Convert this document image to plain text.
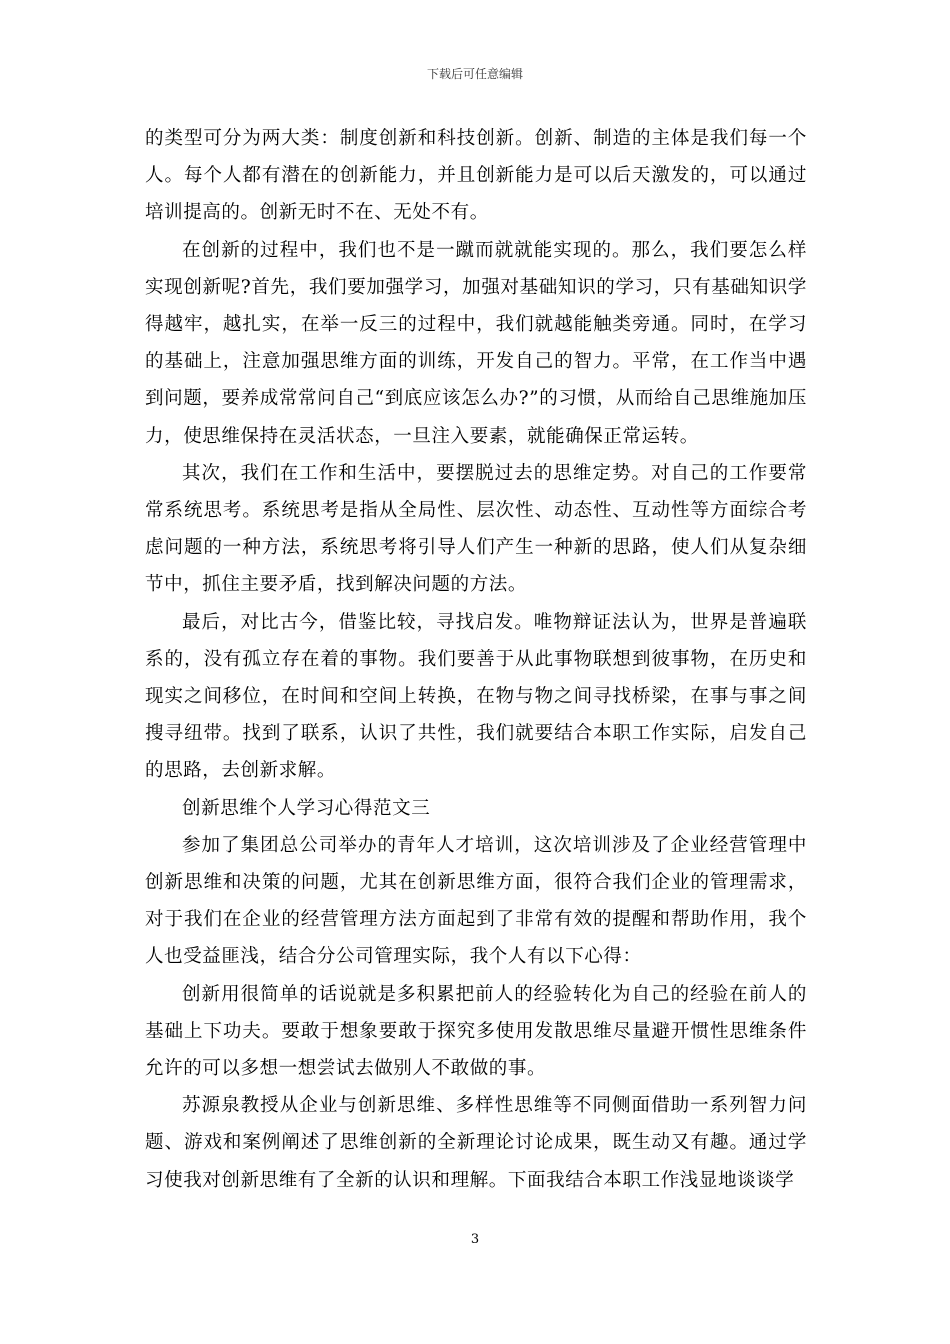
下载后可任意编辑

的类型可分为两大类：制度创新和科技创新。创新、制造的主体是我们每一个人。每个人都有潜在的创新能力，并且创新能力是可以后天激发的，可以通过培训提高的。创新无时不在、无处不有。

在创新的过程中，我们也不是一蹴而就就能实现的。那么，我们要怎么样实现创新呢?首先，我们要加强学习，加强对基础知识的学习，只有基础知识学得越牢，越扎实，在举一反三的过程中，我们就越能触类旁通。同时，在学习的基础上，注意加强思维方面的训练，开发自己的智力。平常，在工作当中遇到问题，要养成常常问自己“到底应该怎么办?”的习惯，从而给自己思维施加压力，使思维保持在灵活状态，一旦注入要素，就能确保正常运转。

其次，我们在工作和生活中，要摆脱过去的思维定势。对自己的工作要常常系统思考。系统思考是指从全局性、层次性、动态性、互动性等方面综合考虑问题的一种方法，系统思考将引导人们产生一种新的思路，使人们从复杂细节中，抓住主要矛盾，找到解决问题的方法。

最后，对比古今，借鉴比较，寻找启发。唯物辩证法认为，世界是普遍联系的，没有孤立存在着的事物。我们要善于从此事物联想到彼事物，在历史和现实之间移位，在时间和空间上转换，在物与物之间寻找桥梁，在事与事之间搜寻纽带。找到了联系，认识了共性，我们就要结合本职工作实际，启发自己的思路，去创新求解。

创新思维个人学习心得范文三

参加了集团总公司举办的青年人才培训，这次培训涉及了企业经营管理中创新思维和决策的问题，尤其在创新思维方面，很符合我们企业的管理需求，对于我们在企业的经营管理方法方面起到了非常有效的提醒和帮助作用，我个人也受益匪浅，结合分公司管理实际，我个人有以下心得：

创新用很简单的话说就是多积累把前人的经验转化为自己的经验在前人的基础上下功夫。要敢于想象要敢于探究多使用发散思维尽量避开惯性思维条件允许的可以多想一想尝试去做别人不敢做的事。

苏源泉教授从企业与创新思维、多样性思维等不同侧面借助一系列智力问题、游戏和案例阐述了思维创新的全新理论讨论成果，既生动又有趣。通过学习使我对创新思维有了全新的认识和理解。下面我结合本职工作浅显地谈谈学

3
